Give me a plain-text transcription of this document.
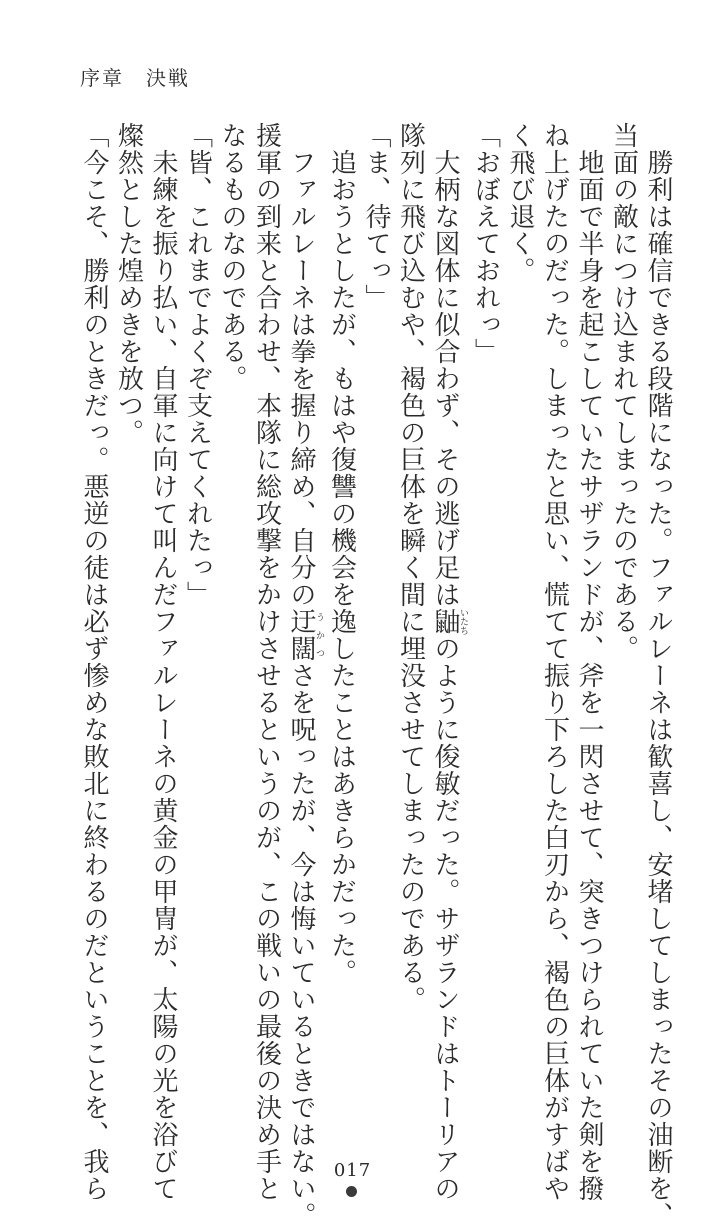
序章　決戦

　勝利は確信できる段階になった。ファルレーネは歓喜し、安堵してしまったその油断を、

当面の敵につけ込まれてしまったのである。

　地面で半身を起こしていたサザランドが、斧を一閃させて、突きつけられていた剣を撥

ね上げたのだった。しまったと思い、慌てて振り下ろした白刃から、褐色の巨体がすばや

く飛び退く。

「おぼえておれっ」

　大柄な図体に似合わず、その逃げ足は鼬いたちのように俊敏だった。サザランドはトーリアの

隊列に飛び込むや、褐色の巨体を瞬く間に埋没させてしまったのである。

「ま、待てっ」

　追おうとしたが、もはや復讐の機会を逸したことはあきらかだった。

　ファルレーネは拳を握り締め、自分の迂闊うかつさを呪ったが、今は悔いているときではない。

援軍の到来と合わせ、本隊に総攻撃をかけさせるというのが、この戦いの最後の決め手と

なるものなのである。

「皆、これまでよくぞ支えてくれたっ」

　未練を振り払い、自軍に向けて叫んだファルレーネの黄金の甲冑が、太陽の光を浴びて

燦然とした煌めきを放つ。

「今こそ、勝利のときだっ。悪逆の徒は必ず惨めな敗北に終わるのだということを、我ら	017
